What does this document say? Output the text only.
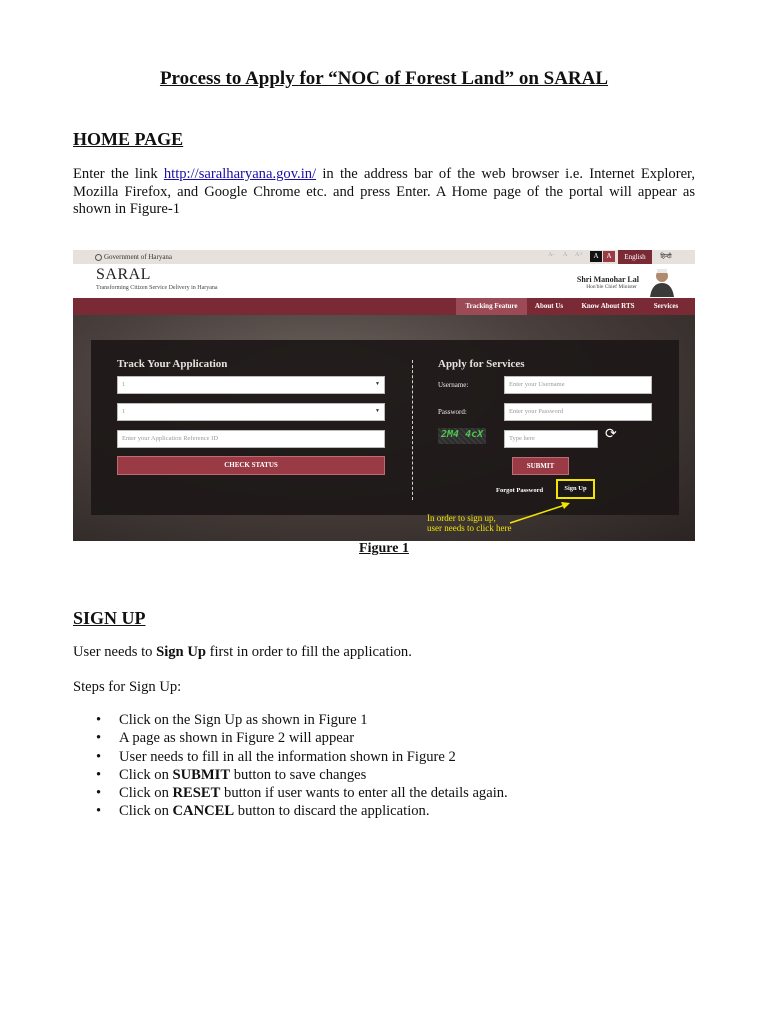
Process to Apply for “NOC of Forest Land” on SARAL
HOME PAGE

Enter the link http://saralharyana.gov.in/ in the address bar of the web browser i.e. Internet Explorer, Mozilla Firefox, and Google Chrome etc. and press Enter. A Home page of the portal will appear as shown in Figure-1

Government of Haryana	A- A A+	A	A	English	हिन्दी
SARAL
Transforming Citizen Service Delivery in Haryana
Shri Manohar Lal
Hon'ble Chief Minister
Tracking Feature	About Us	Know About RTS	Services
Track Your Application
1	▼
1	▼
Enter your Application Reference ID
CHECK STATUS
Apply for Services
Username:	Enter your Username
Password:	Enter your Password
2M4 4cX	Type here	⟳
SUBMIT
Forgot Password	Sign Up
In order to sign up,
user needs to click here

Figure 1

SIGN UP

User needs to Sign Up first in order to fill the application.

Steps for Sign Up:

• Click on the Sign Up as shown in Figure 1
• A page as shown in Figure 2 will appear
• User needs to fill in all the information shown in Figure 2
• Click on SUBMIT button to save changes
• Click on RESET button if user wants to enter all the details again.
• Click on CANCEL button to discard the application.
